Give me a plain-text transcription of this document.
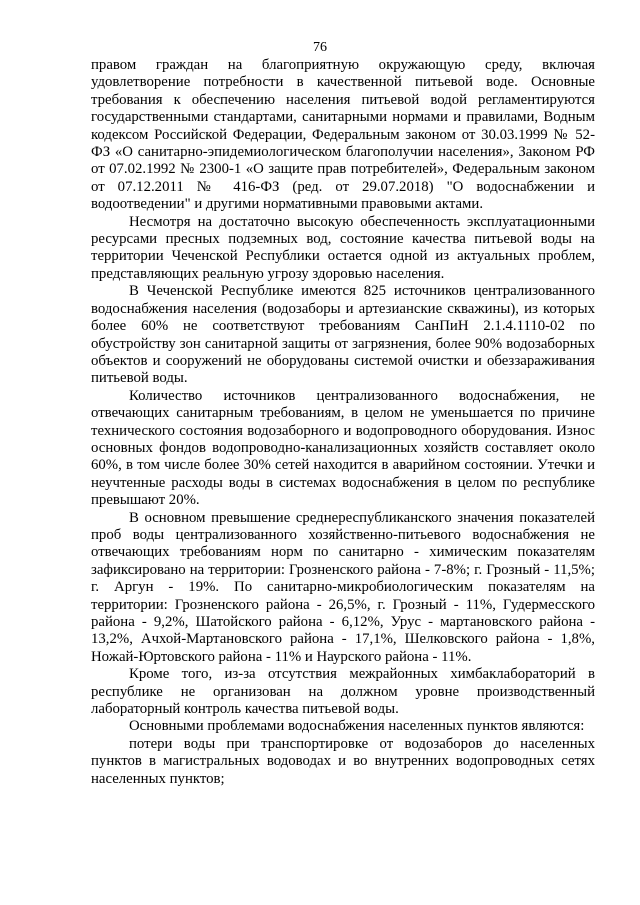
76

правом граждан на благоприятную окружающую среду, включая удовлетворение потребности в качественной питьевой воде. Основные требования к обеспечению населения питьевой водой регламентируются государственными стандартами, санитарными нормами и правилами, Водным кодексом Российской Федерации, Федеральным законом от 30.03.1999 № 52-ФЗ «О санитарно-эпидемиологическом благополучии населения», Законом РФ от 07.02.1992 № 2300-1 «О защите прав потребителей», Федеральным законом от 07.12.2011 № 416-ФЗ (ред. от 29.07.2018) "О водоснабжении и водоотведении" и другими нормативными правовыми актами.

Несмотря на достаточно высокую обеспеченность эксплуатационными ресурсами пресных подземных вод, состояние качества питьевой воды на территории Чеченской Республики остается одной из актуальных проблем, представляющих реальную угрозу здоровью населения.

В Чеченской Республике имеются 825 источников централизованного водоснабжения населения (водозаборы и артезианские скважины), из которых более 60% не соответствуют требованиям СанПиН 2.1.4.1110-02 по обустройству зон санитарной защиты от загрязнения, более 90% водозаборных объектов и сооружений не оборудованы системой очистки и обеззараживания питьевой воды.

Количество источников централизованного водоснабжения, не отвечающих санитарным требованиям, в целом не уменьшается по причине технического состояния водозаборного и водопроводного оборудования. Износ основных фондов водопроводно-канализационных хозяйств составляет около 60%, в том числе более 30% сетей находится в аварийном состоянии. Утечки и неучтенные расходы воды в системах водоснабжения в целом по республике превышают 20%.

В основном превышение среднереспубликанского значения показателей проб воды централизованного хозяйственно-питьевого водоснабжения не отвечающих требованиям норм по санитарно - химическим показателям зафиксировано на территории: Грозненского района - 7-8%; г. Грозный - 11,5%; г. Аргун - 19%. По санитарно-микробиологическим показателям на территории: Грозненского района - 26,5%, г. Грозный - 11%, Гудермесского района - 9,2%, Шатойского района - 6,12%, Урус - мартановского района - 13,2%, Ачхой-Мартановского района - 17,1%, Шелковского района - 1,8%, Ножай-Юртовского района - 11% и Наурского района - 11%.

Кроме того, из-за отсутствия межрайонных химбаклабораторий в республике не организован на должном уровне производственный лабораторный контроль качества питьевой воды.

Основными проблемами водоснабжения населенных пунктов являются:

потери воды при транспортировке от водозаборов до населенных пунктов в магистральных водоводах и во внутренних водопроводных сетях населенных пунктов;
